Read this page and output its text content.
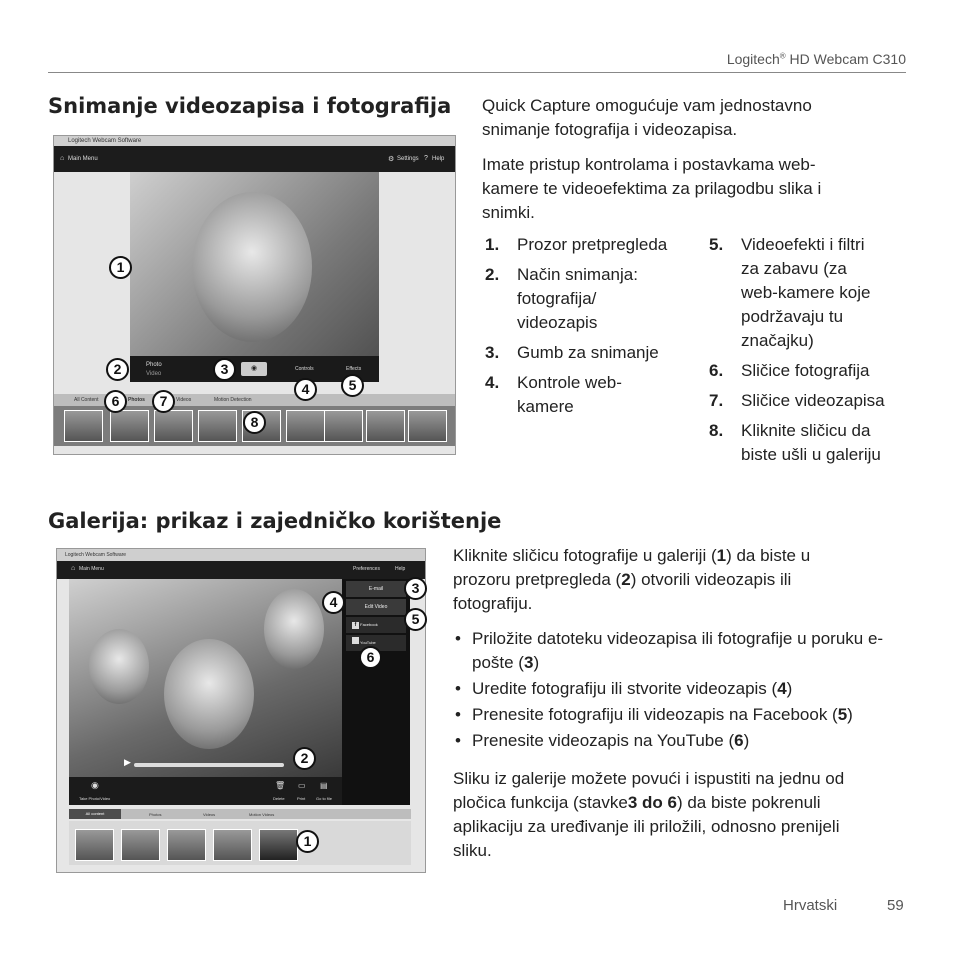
Logitech® HD Webcam C310
Snimanje videozapisa i fotografija
Logitech Webcam Software
⌂ Main Menu	⚙ Settings ? Help
Photo
Video
◉	Controls	Effects
All Content	Photos	Videos	Motion Detection
1
2	3
4	5
6	7
8

Quick Capture omogućuje vam jednostavno snimanje fotografija i videozapisa.

Imate pristup kontrolama i postavkama web-kamere te videoefektima za prilagodbu slika i snimki.

1. Prozor pretpregleda
2. Način snimanja: fotografija/ videozapis
3. Gumb za snimanje
4. Kontrole web-kamere
5. Videoefekti i filtri za zabavu (za web-kamere koje podržavaju tu značajku)
6. Sličice fotografija
7. Sličice videozapisa
8. Kliknite sličicu da biste ušli u galeriju
Galerija: prikaz i zajedničko korištenje
Logitech Webcam Software
⌂ Main Menu	Preferences	Help
▶
E-mail
Edit Video
f Facebook
YouTube
◉
Take Photo/Video
🗑
Delete
▭
Print
▤
Go to file
All content	Photos	Videos	Motion Videos
1
2
3
4
5
6

Kliknite sličicu fotografije u galeriji (1) da biste u prozoru pretpregleda (2) otvorili videozapis ili fotografiju.

• Priložite datoteku videozapisa ili fotografije u poruku e-pošte (3)
• Uredite fotografiju ili stvorite videozapis (4)
• Prenesite fotografiju ili videozapis na Facebook (5)
• Prenesite videozapis na YouTube (6)

Sliku iz galerije možete povući i ispustiti na jednu od pločica funkcija (stavke3 do 6) da biste pokrenuli aplikaciju za uređivanje ili priložili, odnosno prenijeli sliku.

Hrvatski	59
